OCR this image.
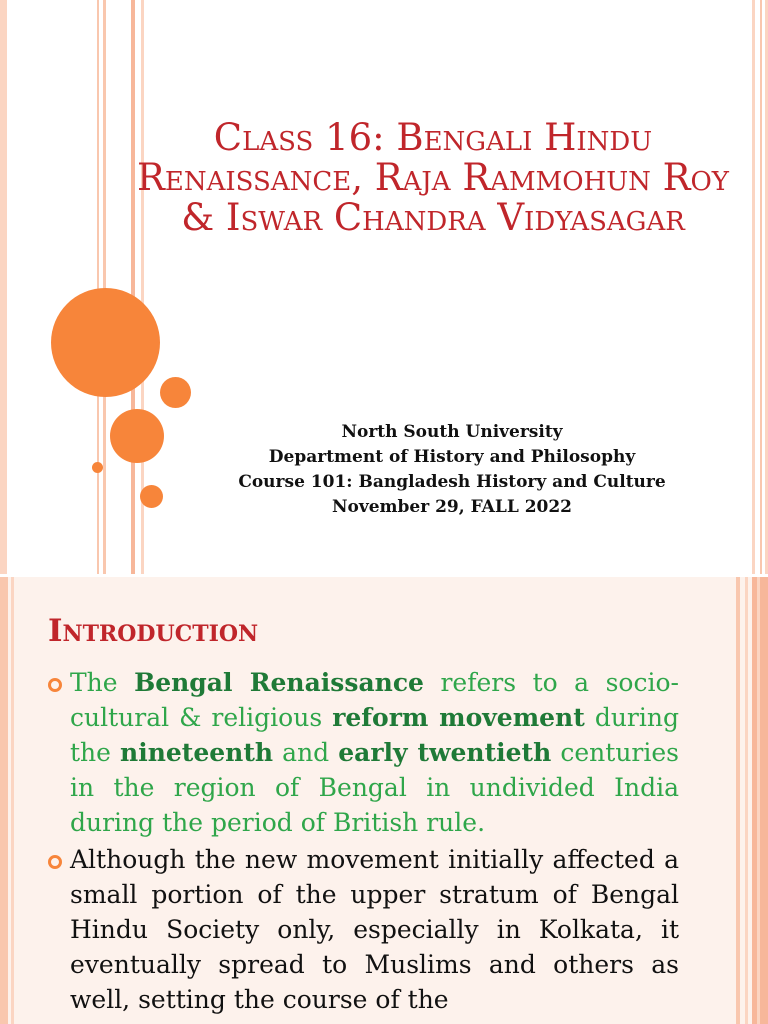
Class 16: Bengali Hindu
Renaissance, Raja Rammohun Roy
& Iswar Chandra Vidyasagar
North South University
Department of History and Philosophy
Course 101: Bangladesh History and Culture
November 29, FALL 2022
Introduction

The Bengal Renaissance refers to a socio-cultural & religious reform movement during the nineteenth and early twentieth centuries in the region of Bengal in undivided India during the period of British rule.

Although the new movement initially affected a small portion of the upper stratum of Bengal Hindu Society only, especially in Kolkata, it eventually spread to Muslims and others as well, setting the course of the
